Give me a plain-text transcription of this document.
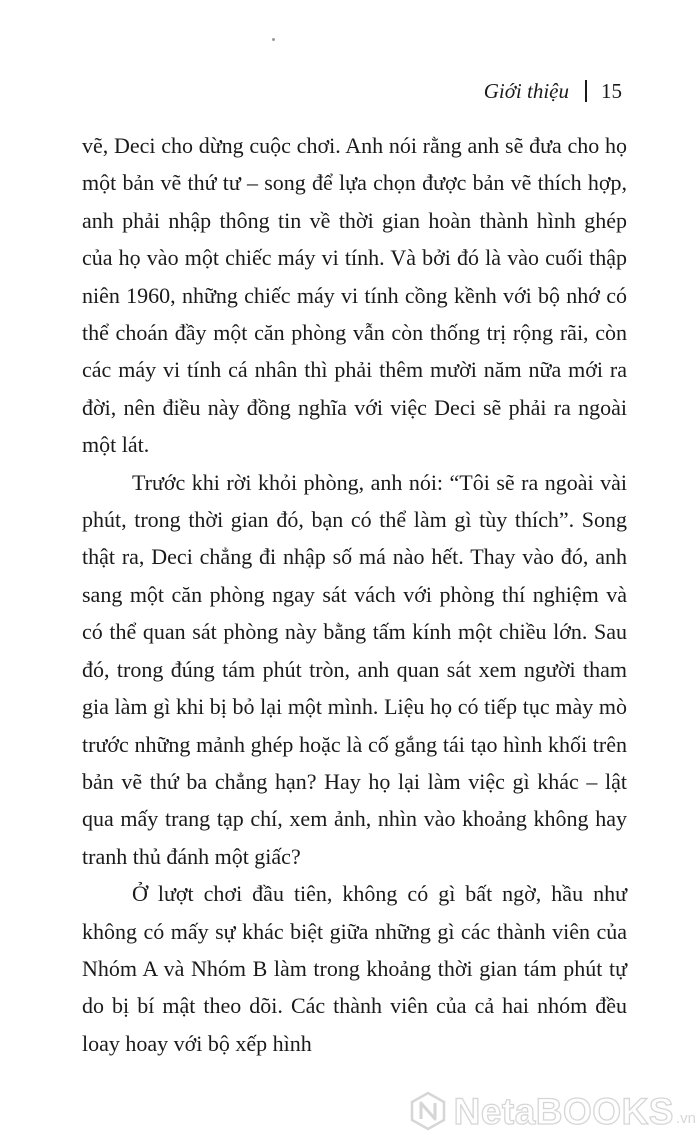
Giới thiệu 15

vẽ, Deci cho dừng cuộc chơi. Anh nói rằng anh sẽ đưa cho họ một bản vẽ thứ tư – song để lựa chọn được bản vẽ thích hợp, anh phải nhập thông tin về thời gian hoàn thành hình ghép của họ vào một chiếc máy vi tính. Và bởi đó là vào cuối thập niên 1960, những chiếc máy vi tính cồng kềnh với bộ nhớ có thể choán đầy một căn phòng vẫn còn thống trị rộng rãi, còn các máy vi tính cá nhân thì phải thêm mười năm nữa mới ra đời, nên điều này đồng nghĩa với việc Deci sẽ phải ra ngoài một lát.

Trước khi rời khỏi phòng, anh nói: “Tôi sẽ ra ngoài vài phút, trong thời gian đó, bạn có thể làm gì tùy thích”. Song thật ra, Deci chẳng đi nhập số má nào hết. Thay vào đó, anh sang một căn phòng ngay sát vách với phòng thí nghiệm và có thể quan sát phòng này bằng tấm kính một chiều lớn. Sau đó, trong đúng tám phút tròn, anh quan sát xem người tham gia làm gì khi bị bỏ lại một mình. Liệu họ có tiếp tục mày mò trước những mảnh ghép hoặc là cố gắng tái tạo hình khối trên bản vẽ thứ ba chẳng hạn? Hay họ lại làm việc gì khác – lật qua mấy trang tạp chí, xem ảnh, nhìn vào khoảng không hay tranh thủ đánh một giấc?

Ở lượt chơi đầu tiên, không có gì bất ngờ, hầu như không có mấy sự khác biệt giữa những gì các thành viên của Nhóm A và Nhóm B làm trong khoảng thời gian tám phút tự do bị bí mật theo dõi. Các thành viên của cả hai nhóm đều loay hoay với bộ xếp hình

NetaBOOKS .vn
